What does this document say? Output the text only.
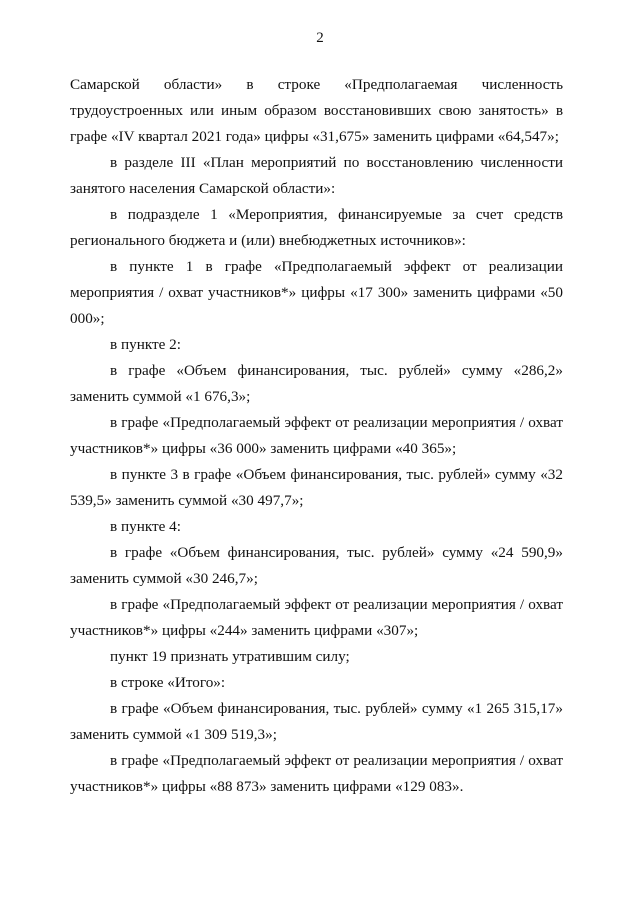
2

Самарской области» в строке «Предполагаемая численность трудоустроенных или иным образом восстановивших свою занятость» в графе «IV квартал 2021 года» цифры «31,675» заменить цифрами «64,547»;

в разделе III «План мероприятий по восстановлению численности занятого населения Самарской области»:

в подразделе 1 «Мероприятия, финансируемые за счет средств регионального бюджета и (или) внебюджетных источников»:

в пункте 1 в графе «Предполагаемый эффект от реализации мероприятия / охват участников*» цифры «17 300» заменить цифрами «50 000»;

в пункте 2:

в графе «Объем финансирования, тыс. рублей» сумму «286,2» заменить суммой «1 676,3»;

в графе «Предполагаемый эффект от реализации мероприятия / охват участников*» цифры «36 000» заменить цифрами «40 365»;

в пункте 3 в графе «Объем финансирования, тыс. рублей» сумму «32 539,5» заменить суммой «30 497,7»;

в пункте 4:

в графе «Объем финансирования, тыс. рублей» сумму «24 590,9» заменить суммой «30 246,7»;

в графе «Предполагаемый эффект от реализации мероприятия / охват участников*» цифры «244» заменить цифрами «307»;

пункт 19 признать утратившим силу;

в строке «Итого»:

в графе «Объем финансирования, тыс. рублей» сумму «1 265 315,17» заменить суммой «1 309 519,3»;

в графе «Предполагаемый эффект от реализации мероприятия / охват участников*» цифры «88 873» заменить цифрами «129 083».
